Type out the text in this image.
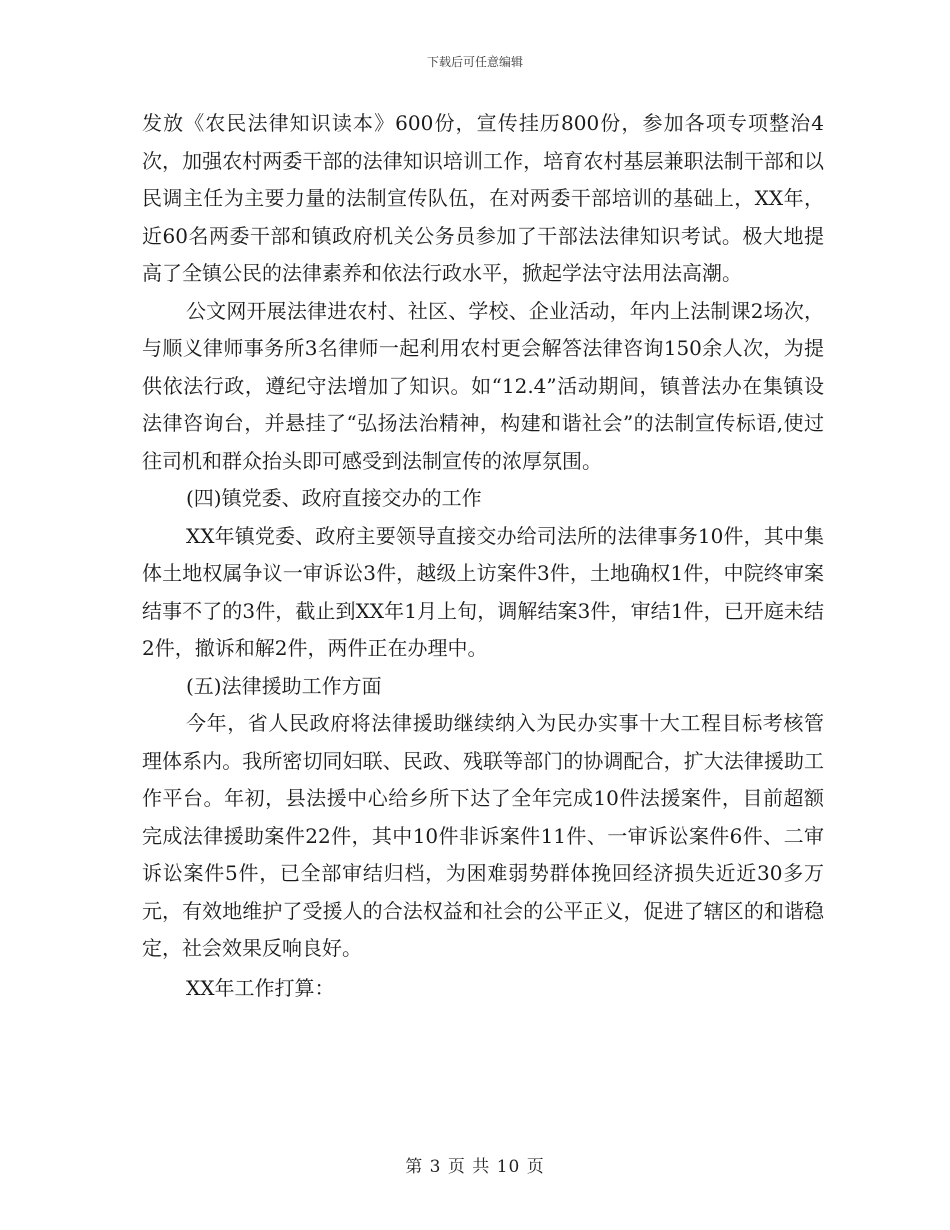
下载后可任意编辑

发放《农民法律知识读本》600份，宣传挂历800份，参加各项专项整治4次，加强农村两委干部的法律知识培训工作，培育农村基层兼职法制干部和以民调主任为主要力量的法制宣传队伍，在对两委干部培训的基础上，XX年，近60名两委干部和镇政府机关公务员参加了干部法法律知识考试。极大地提高了全镇公民的法律素养和依法行政水平，掀起学法守法用法高潮。

公文网开展法律进农村、社区、学校、企业活动，年内上法制课2场次，与顺义律师事务所3名律师一起利用农村更会解答法律咨询150余人次，为提供依法行政，遵纪守法增加了知识。如“12.4”活动期间，镇普法办在集镇设法律咨询台，并悬挂了“弘扬法治精神，构建和谐社会”的法制宣传标语,使过往司机和群众抬头即可感受到法制宣传的浓厚氛围。

(四)镇党委、政府直接交办的工作

XX年镇党委、政府主要领导直接交办给司法所的法律事务10件，其中集体土地权属争议一审诉讼3件，越级上访案件3件，土地确权1件，中院终审案结事不了的3件，截止到XX年1月上旬，调解结案3件，审结1件，已开庭未结2件，撤诉和解2件，两件正在办理中。

(五)法律援助工作方面

今年，省人民政府将法律援助继续纳入为民办实事十大工程目标考核管理体系内。我所密切同妇联、民政、残联等部门的协调配合，扩大法律援助工作平台。年初，县法援中心给乡所下达了全年完成10件法援案件，目前超额完成法律援助案件22件，其中10件非诉案件11件、一审诉讼案件6件、二审诉讼案件5件，已全部审结归档，为困难弱势群体挽回经济损失近近30多万元，有效地维护了受援人的合法权益和社会的公平正义，促进了辖区的和谐稳定，社会效果反响良好。

XX年工作打算：

第 3 页 共 10 页
